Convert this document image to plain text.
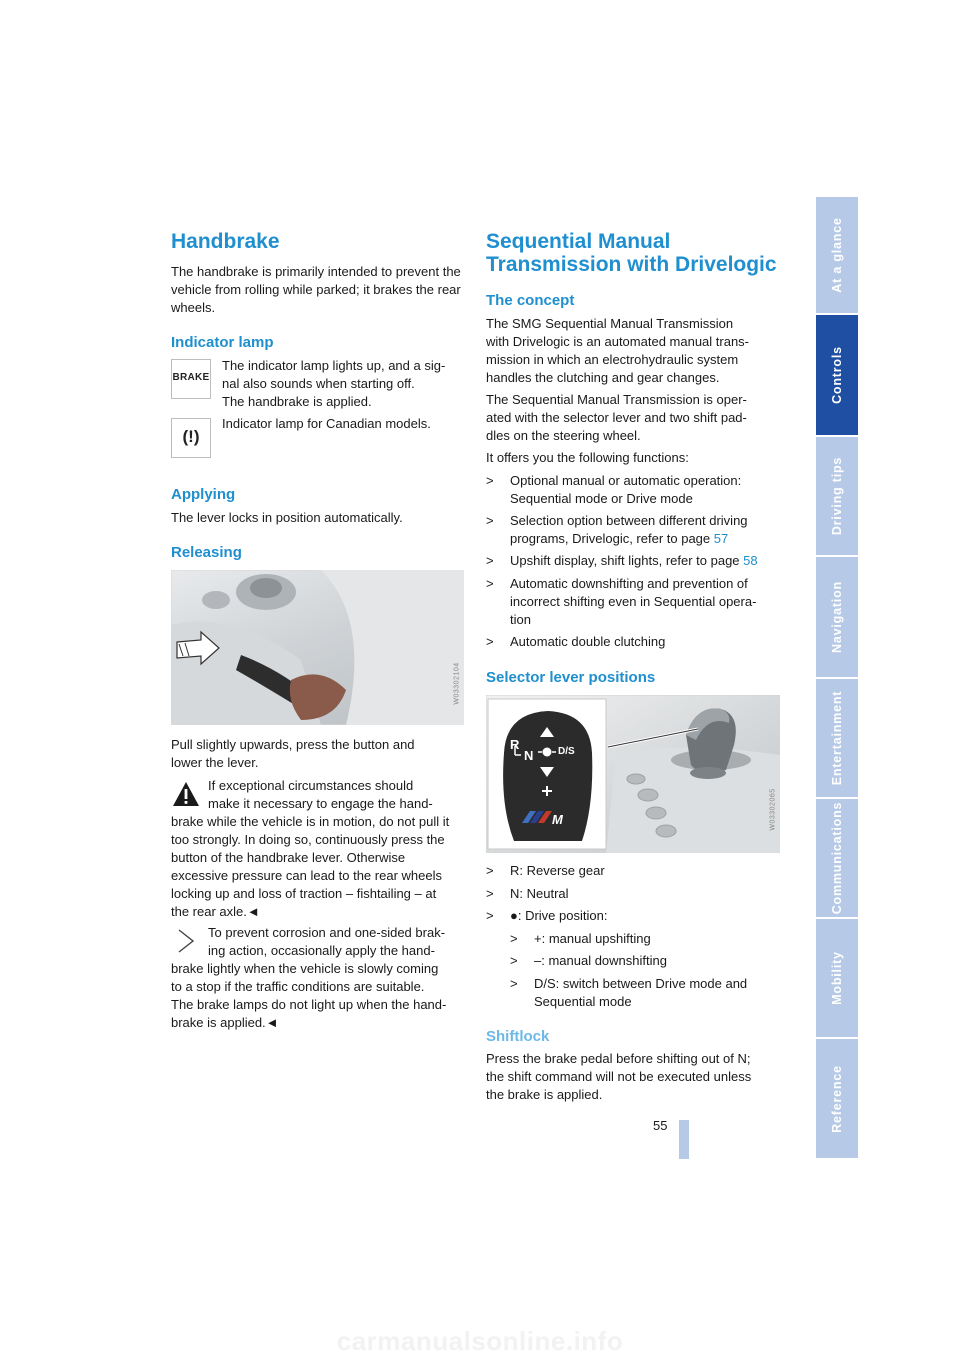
At a glance
Controls
Driving tips
Navigation
Entertainment
Communications
Mobility
Reference
Handbrake

The handbrake is primarily intended to prevent the vehicle from rolling while parked; it brakes the rear wheels.

Indicator lamp
BRAKE
The indicator lamp lights up, and a sig-
nal also sounds when starting off.
The handbrake is applied.
(!)
Indicator lamp for Canadian models.
Applying
The lever locks in position automatically.
Releasing
W03302104
Pull slightly upwards, press the button and
lower the lever.
If exceptional circumstances should
make it necessary to engage the hand-
brake while the vehicle is in motion, do not pull it
too strongly. In doing so, continuously press the
button of the handbrake lever. Otherwise
excessive pressure can lead to the rear wheels
locking up and loss of traction – fishtailing – at
the rear axle.◄
To prevent corrosion and one-sided brak-
ing action, occasionally apply the hand-
brake lightly when the vehicle is slowly coming
to a stop if the traffic conditions are suitable.
The brake lamps do not light up when the hand-
brake is applied.◄
Sequential Manual
Transmission with Drivelogic
The concept
The SMG Sequential Manual Transmission
with Drivelogic is an automated manual trans-
mission in which an electrohydraulic system
handles the clutching and gear changes.
The Sequential Manual Transmission is oper-
ated with the selector lever and two shift pad-
dles on the steering wheel.
It offers you the following functions:
> Optional manual or automatic operation:
Sequential mode or Drive mode
> Selection option between different driving
programs, Drivelogic, refer to page 57
> Upshift display, shift lights, refer to page 58
> Automatic downshifting and prevention of
incorrect shifting even in Sequential opera-
tion
> Automatic double clutching
Selector lever positions
R
N D/S
M	W03302065
> R: Reverse gear
> N: Neutral
> ●: Drive position:
> +: manual upshifting
> –: manual downshifting
> D/S: switch between Drive mode and
Sequential mode
Shiftlock
Press the brake pedal before shifting out of N;
the shift command will not be executed unless
the brake is applied.
55
carmanualsonline.info
